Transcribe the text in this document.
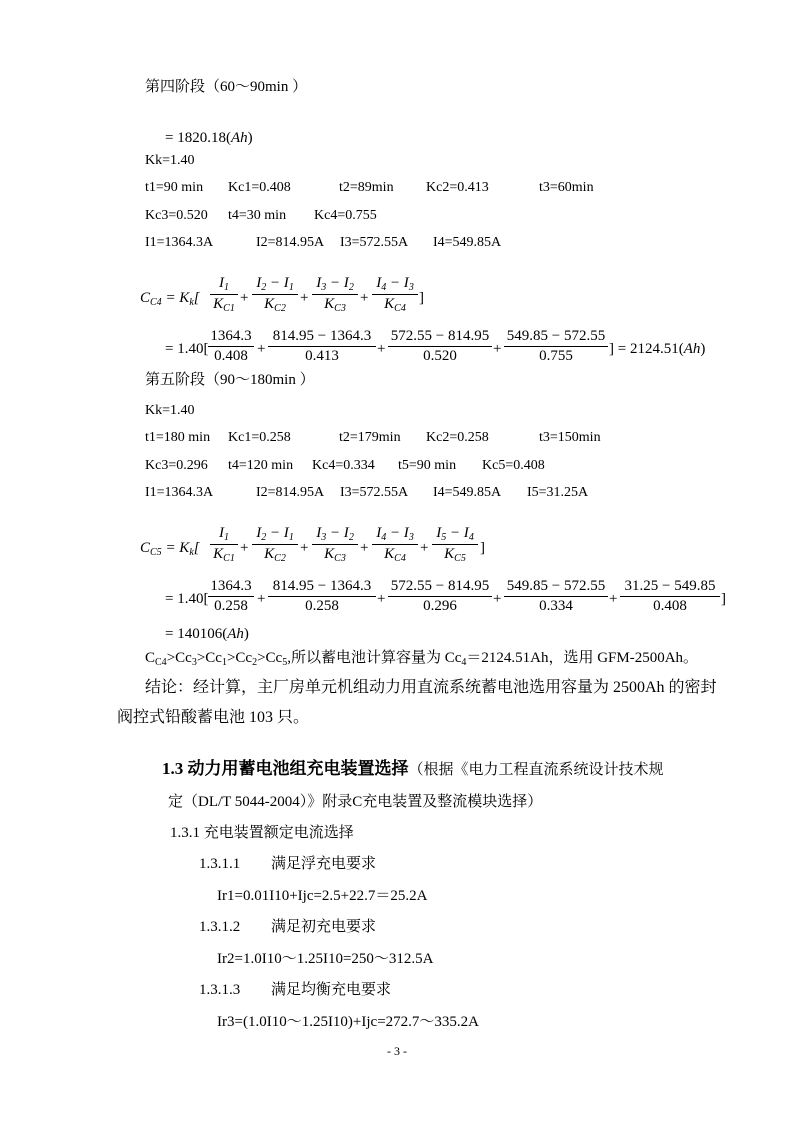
第四阶段（60～90min ）
= 1820.18(Ah)
Kk=1.40
t1=90 min Kc1=0.408	t2=89min Kc2=0.413	t3=60min
Kc3=0.520 t4=30 min Kc4=0.755
I1=1364.3A	I2=814.95A I3=572.55A I4=549.85A
$C_{C4} = K_k$[
$I_1$
$K_{C1}$
+
$I_2 - I_1$
$K_{C2}$
+
$I_3 - I_2$
$K_{C3}$
+
$I_4 - I_3$
$K_{C4}$
]
= 1.40[
1364.3
0.408 +
814.95 − 1364.3
0.413	+
572.55 − 814.95
0.520	+
549.85 − 572.55
0.755	] = 2124.51(Ah)
第五阶段（90～180min ）
Kk=1.40
t1=180 min Kc1=0.258	t2=179min Kc2=0.258	t3=150min
Kc3=0.296 t4=120 min Kc4=0.334 t5=90 min Kc5=0.408
I1=1364.3A	I2=814.95A I3=572.55A I4=549.85A I5=31.25A
$C_{C5} = K_k$[
$I_1$
$K_{C1}$
+
$I_2 - I_1$
$K_{C2}$
+
$I_3 - I_2$
$K_{C3}$
+
$I_4 - I_3$
$K_{C4}$
+
$I_5 - I_4$
$K_{C5}$
]
= 1.40[
1364.3
0.258 +
814.95 − 1364.3
0.258	+
572.55 − 814.95
0.296	+
549.85 − 572.55
0.334	+
31.25 − 549.85
0.408	]
= 140106(Ah)
$C_{C4}>Cc_3>Cc_1>Cc_2>Cc_5$,所以蓄电池计算容量为 $Cc_4=2124.51Ah$，选用 GFM-2500Ah。
结论：经计算，主厂房单元机组动力用直流系统蓄电池选用容量为 2500Ah 的密封
阀控式铅酸蓄电池 103 只。
1.3 动力用蓄电池组充电装置选择（根据《电力工程直流系统设计技术规
定（DL/T 5044-2004）》附录C充电装置及整流模块选择）
1.3.1 充电装置额定电流选择
1.3.1.1 满足浮充电要求
Ir1=0.01I10+Ijc=2.5+22.7＝25.2A
1.3.1.2 满足初充电要求
Ir2=1.0I10～1.25I10=250～312.5A
1.3.1.3 满足均衡充电要求
Ir3=(1.0I10～1.25I10)+Ijc=272.7～335.2A
- 3 -
